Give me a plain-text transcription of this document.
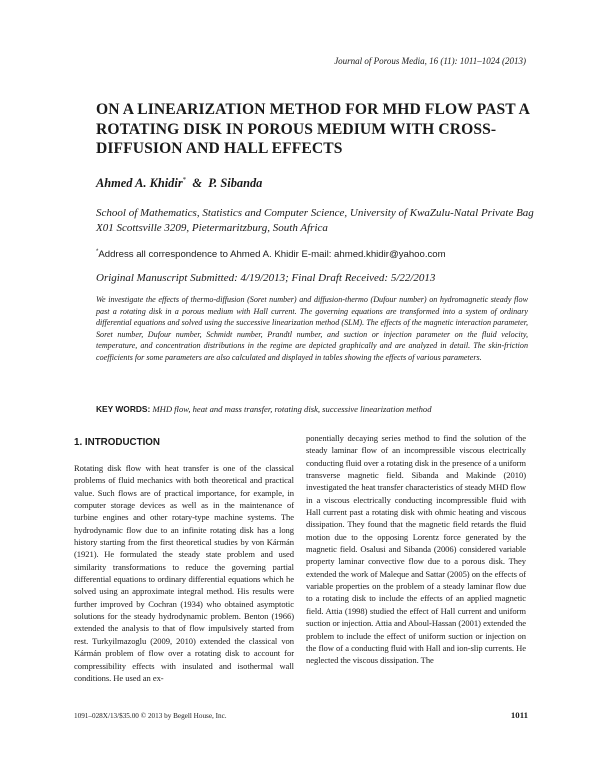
Journal of Porous Media, 16 (11): 1011–1024 (2013)
ON A LINEARIZATION METHOD FOR MHD FLOW PAST A ROTATING DISK IN POROUS MEDIUM WITH CROSS-DIFFUSION AND HALL EFFECTS
Ahmed A. Khidir* & P. Sibanda
School of Mathematics, Statistics and Computer Science, University of KwaZulu-Natal Private Bag X01 Scottsville 3209, Pietermaritzburg, South Africa
*Address all correspondence to Ahmed A. Khidir E-mail: ahmed.khidir@yahoo.com
Original Manuscript Submitted: 4/19/2013; Final Draft Received: 5/22/2013
We investigate the effects of thermo-diffusion (Soret number) and diffusion-thermo (Dufour number) on hydromagnetic steady flow past a rotating disk in a porous medium with Hall current. The governing equations are transformed into a system of ordinary differential equations and solved using the successive linearization method (SLM). The effects of the magnetic interaction parameter, Soret number, Dufour number, Schmidt number, Prandtl number, and suction or injection parameter on the fluid velocity, temperature, and concentration distributions in the regime are depicted graphically and are analyzed in detail. The skin-friction coefficients for some parameters are also calculated and displayed in tables showing the effects of various parameters.
KEY WORDS: MHD flow, heat and mass transfer, rotating disk, successive linearization method
1. INTRODUCTION

Rotating disk flow with heat transfer is one of the classical problems of fluid mechanics with both theoretical and practical value. Such flows are of practical importance, for example, in computer storage devices as well as in the maintenance of turbine engines and other rotary-type machine systems. The hydrodynamic flow due to an infinite rotating disk has a long history starting from the first theoretical studies by von Kármán (1921). He formulated the steady state problem and used similarity transformations to reduce the governing partial differential equations to ordinary differential equations which he solved using an approximate integral method. His results were further improved by Cochran (1934) who obtained asymptotic solutions for the steady hydrodynamic problem. Benton (1966) extended the analysis to that of flow impulsively started from rest. Turkyilmazoglu (2009, 2010) extended the classical von Kármán problem of flow over a rotating disk to account for compressibility effects with insulated and isothermal wall conditions. He used an ex-

ponentially decaying series method to find the solution of the steady laminar flow of an incompressible viscous electrically conducting fluid over a rotating disk in the presence of a uniform transverse magnetic field. Sibanda and Makinde (2010) investigated the heat transfer characteristics of steady MHD flow in a viscous electrically conducting incompressible fluid with Hall current past a rotating disk with ohmic heating and viscous dissipation. They found that the magnetic field retards the fluid motion due to the opposing Lorentz force generated by the magnetic field. Osalusi and Sibanda (2006) considered variable property laminar convective flow due to a porous disk. They extended the work of Maleque and Sattar (2005) on the effects of variable properties on the problem of a steady laminar flow due to a rotating disk to include the effects of an applied magnetic field. Attia (1998) studied the effect of Hall current and uniform suction or injection. Attia and Aboul-Hassan (2001) extended the problem to include the effect of uniform suction or injection on the flow of a conducting fluid with Hall and ion-slip currents. He neglected the viscous dissipation. The

1091–028X/13/$35.00 © 2013 by Begell House, Inc.	1011
